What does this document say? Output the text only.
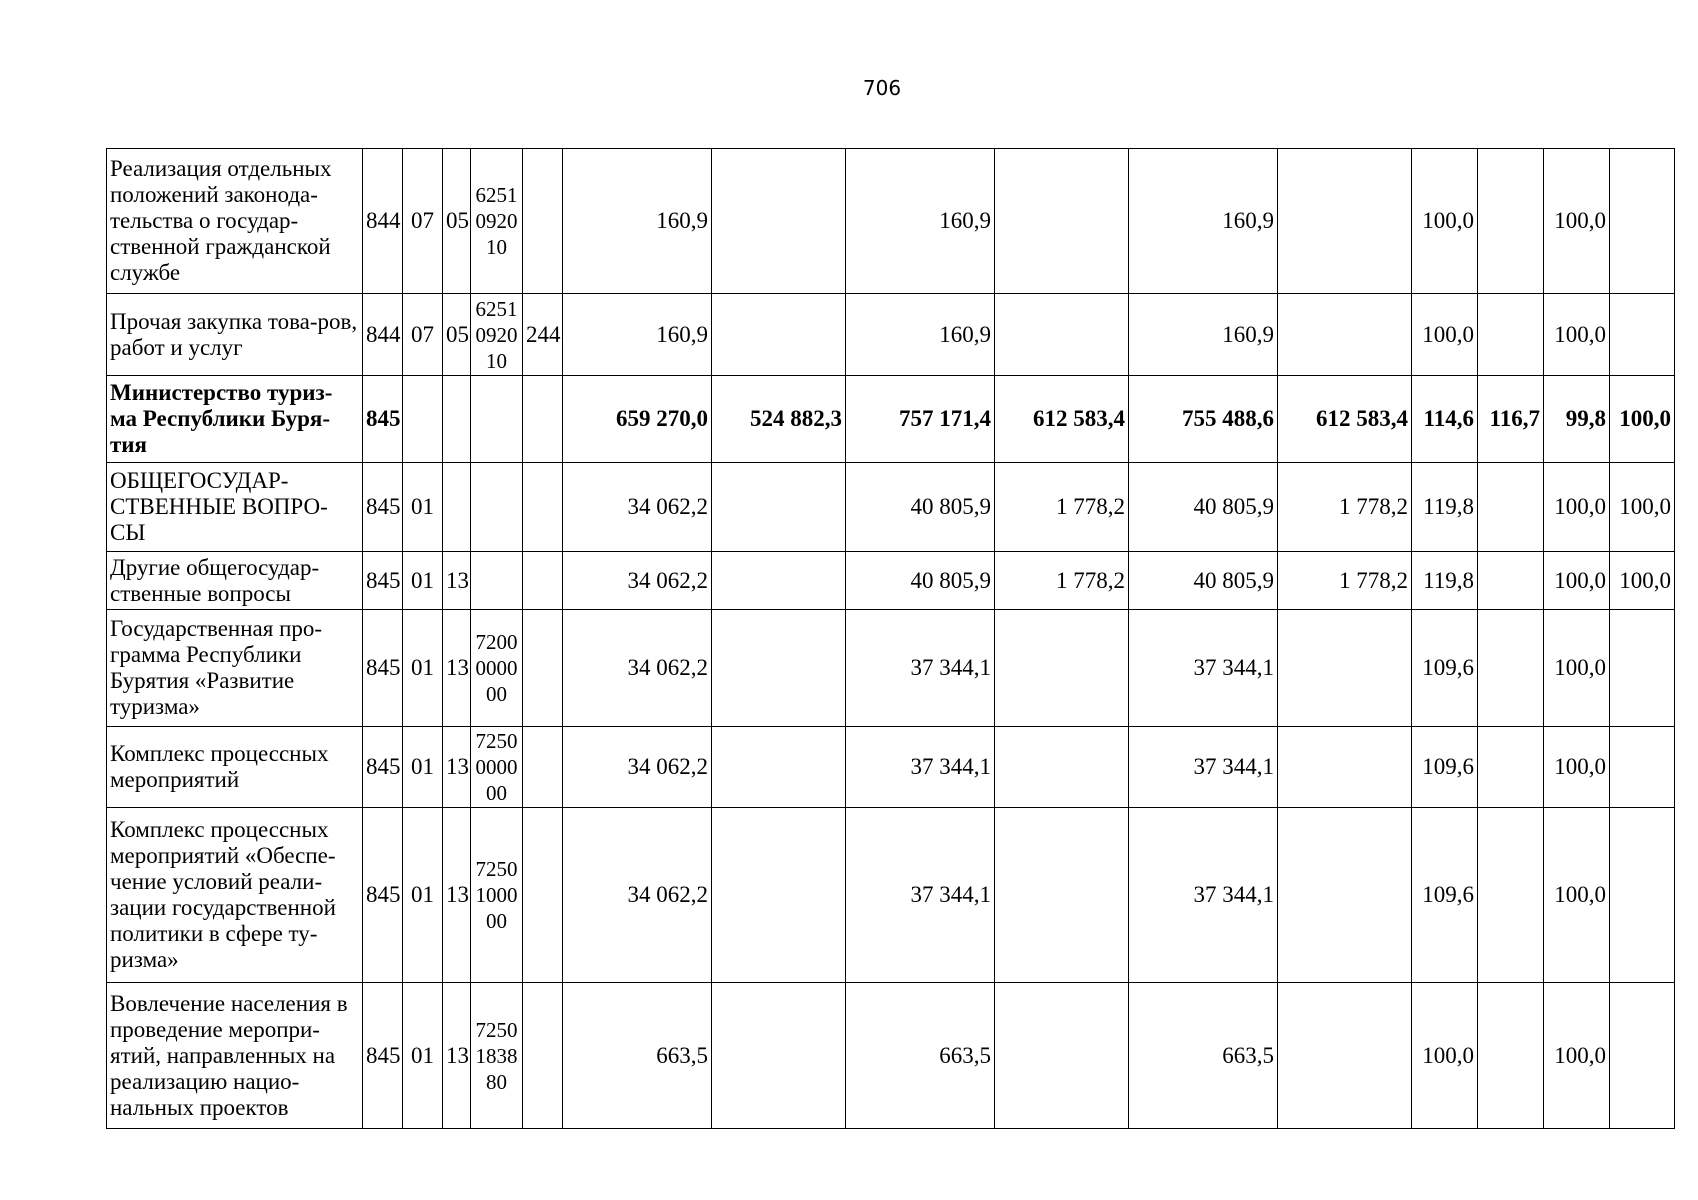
706
Реализация отдельных положений законода-тельства о государ-ственной гражданской службе	844	07	05	6251 0920 10		160,9		160,9		160,9		100,0		100,0	
Прочая закупка това-ров, работ и услуг	844	07	05	6251 0920 10	244	160,9		160,9		160,9		100,0		100,0	
Министерство туриз-ма Республики Буря-тия	845					659 270,0	524 882,3	757 171,4	612 583,4	755 488,6	612 583,4	114,6	116,7	99,8	100,0
ОБЩЕГОСУДАР-СТВЕННЫЕ ВОПРО-СЫ	845	01				34 062,2		40 805,9	1 778,2	40 805,9	1 778,2	119,8		100,0	100,0
Другие общегосудар-ственные вопросы	845	01	13			34 062,2		40 805,9	1 778,2	40 805,9	1 778,2	119,8		100,0	100,0
Государственная про-грамма Республики Бурятия «Развитие туризма»	845	01	13	7200 0000 00		34 062,2		37 344,1		37 344,1		109,6		100,0	
Комплекс процессных мероприятий	845	01	13	7250 0000 00		34 062,2		37 344,1		37 344,1		109,6		100,0	
Комплекс процессных мероприятий «Обеспе-чение условий реали-зации государственной политики в сфере ту-ризма»	845	01	13	7250 1000 00		34 062,2		37 344,1		37 344,1		109,6		100,0	
Вовлечение населения в проведение меропри-ятий, направленных на реализацию нацио-нальных проектов	845	01	13	7250 1838 80		663,5		663,5		663,5		100,0		100,0	
